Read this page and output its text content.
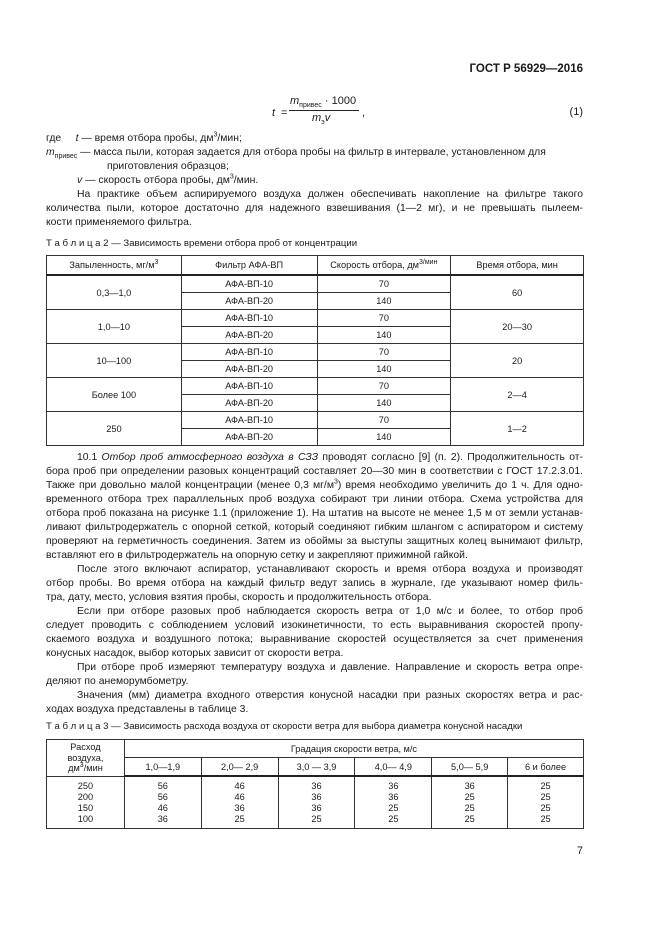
ГОСТ Р 56929—2016
t =
$m_{привес} \cdot 1000$
$m_эv$	,	(1)
где t — время отбора пробы, $дм^3$/мин;
$m_{привес}$ — масса пыли, которая задается для отбора пробы на фильтр в интервале, установленном для
приготовления образцов;
v — скорость отбора пробы, $дм^3$/мин.
На практике объем аспирируемого воздуха должен обеспечивать накопление на фильтре такого
количества пыли, которое достаточно для надежного взвешивания (1—2 мг), и не превышать пылеем-
кости применяемого фильтра.
Т а б л и ц а 2 — Зависимость времени отбора проб от концентрации
Запыленность, $мг/м^3$	Фильтр АФА-ВП	Скорость отбора, $дм^{3/мин}$	Время отбора, мин
0,3—1,0	АФА-ВП-10	70	60
	АФА-ВП-20	140	
1,0—10	АФА-ВП-10	70	20—30
	АФА-ВП-20	140	
10—100	АФА-ВП-10	70	20
	АФА-ВП-20	140	
Более 100	АФА-ВП-10	70	2—4
	АФА-ВП-20	140	
250	АФА-ВП-10	70	1—2
	АФА-ВП-20	140	
10.1 Отбор проб атмосферного воздуха в СЗЗ проводят согласно [9] (п. 2). Продолжительность от-
бора проб при определении разовых концентраций составляет 20—30 мин в соответствии с ГОСТ 17.2.3.01.
Также при довольно малой концентрации (менее 0,3 $мг/м^3$) время необходимо увеличить до 1 ч. Для одно-
временного отбора трех параллельных проб воздуха собирают три линии отбора. Схема устройства для
отбора проб показана на рисунке 1.1 (приложение 1). На штатив на высоте не менее 1,5 м от земли устанав-
ливают фильтродержатель с опорной сеткой, который соединяют гибким шлангом с аспиратором и систему
проверяют на герметичность соединения. Затем из обоймы за выступы защитных колец вынимают фильтр,
вставляют его в фильтродержатель на опорную сетку и закрепляют прижимной гайкой.
После этого включают аспиратор, устанавливают скорость и время отбора воздуха и производят
отбор пробы. Во время отбора на каждый фильтр ведут запись в журнале, где указывают номер филь-
тра, дату, место, условия взятия пробы, скорость и продолжительность отбора.
Если при отборе разовых проб наблюдается скорость ветра от 1,0 м/с и более, то отбор проб
следует проводить с соблюдением условий изокинетичности, то есть выравнивания скоростей пропу-
скаемого воздуха и воздушного потока; выравнивание скоростей осуществляется за счет применения
конусных насадок, выбор которых зависит от скорости ветра.
При отборе проб измеряют температуру воздуха и давление. Направление и скорость ветра опре-
деляют по анеморумбометру.
Значения (мм) диаметра входного отверстия конусной насадки при разных скоростях ветра и рас-
ходах воздуха представлены в таблице 3.
Т а б л и ц а 3 — Зависимость расхода воздуха от скорости ветра для выбора диаметра конусной насадки
Расход
воздуха,
$дм^3$/мин	Градация скорости ветра, м/с					
	1,0—1,9	2,0— 2,9	3,0 — 3,9	4,0— 4,9	5,0— 5,9	6 и более
250	56	46	36	36	36	25
200	56	46	36	36	25	25
150	46	36	36	25	25	25
100	36	25	25	25	25	25
7
